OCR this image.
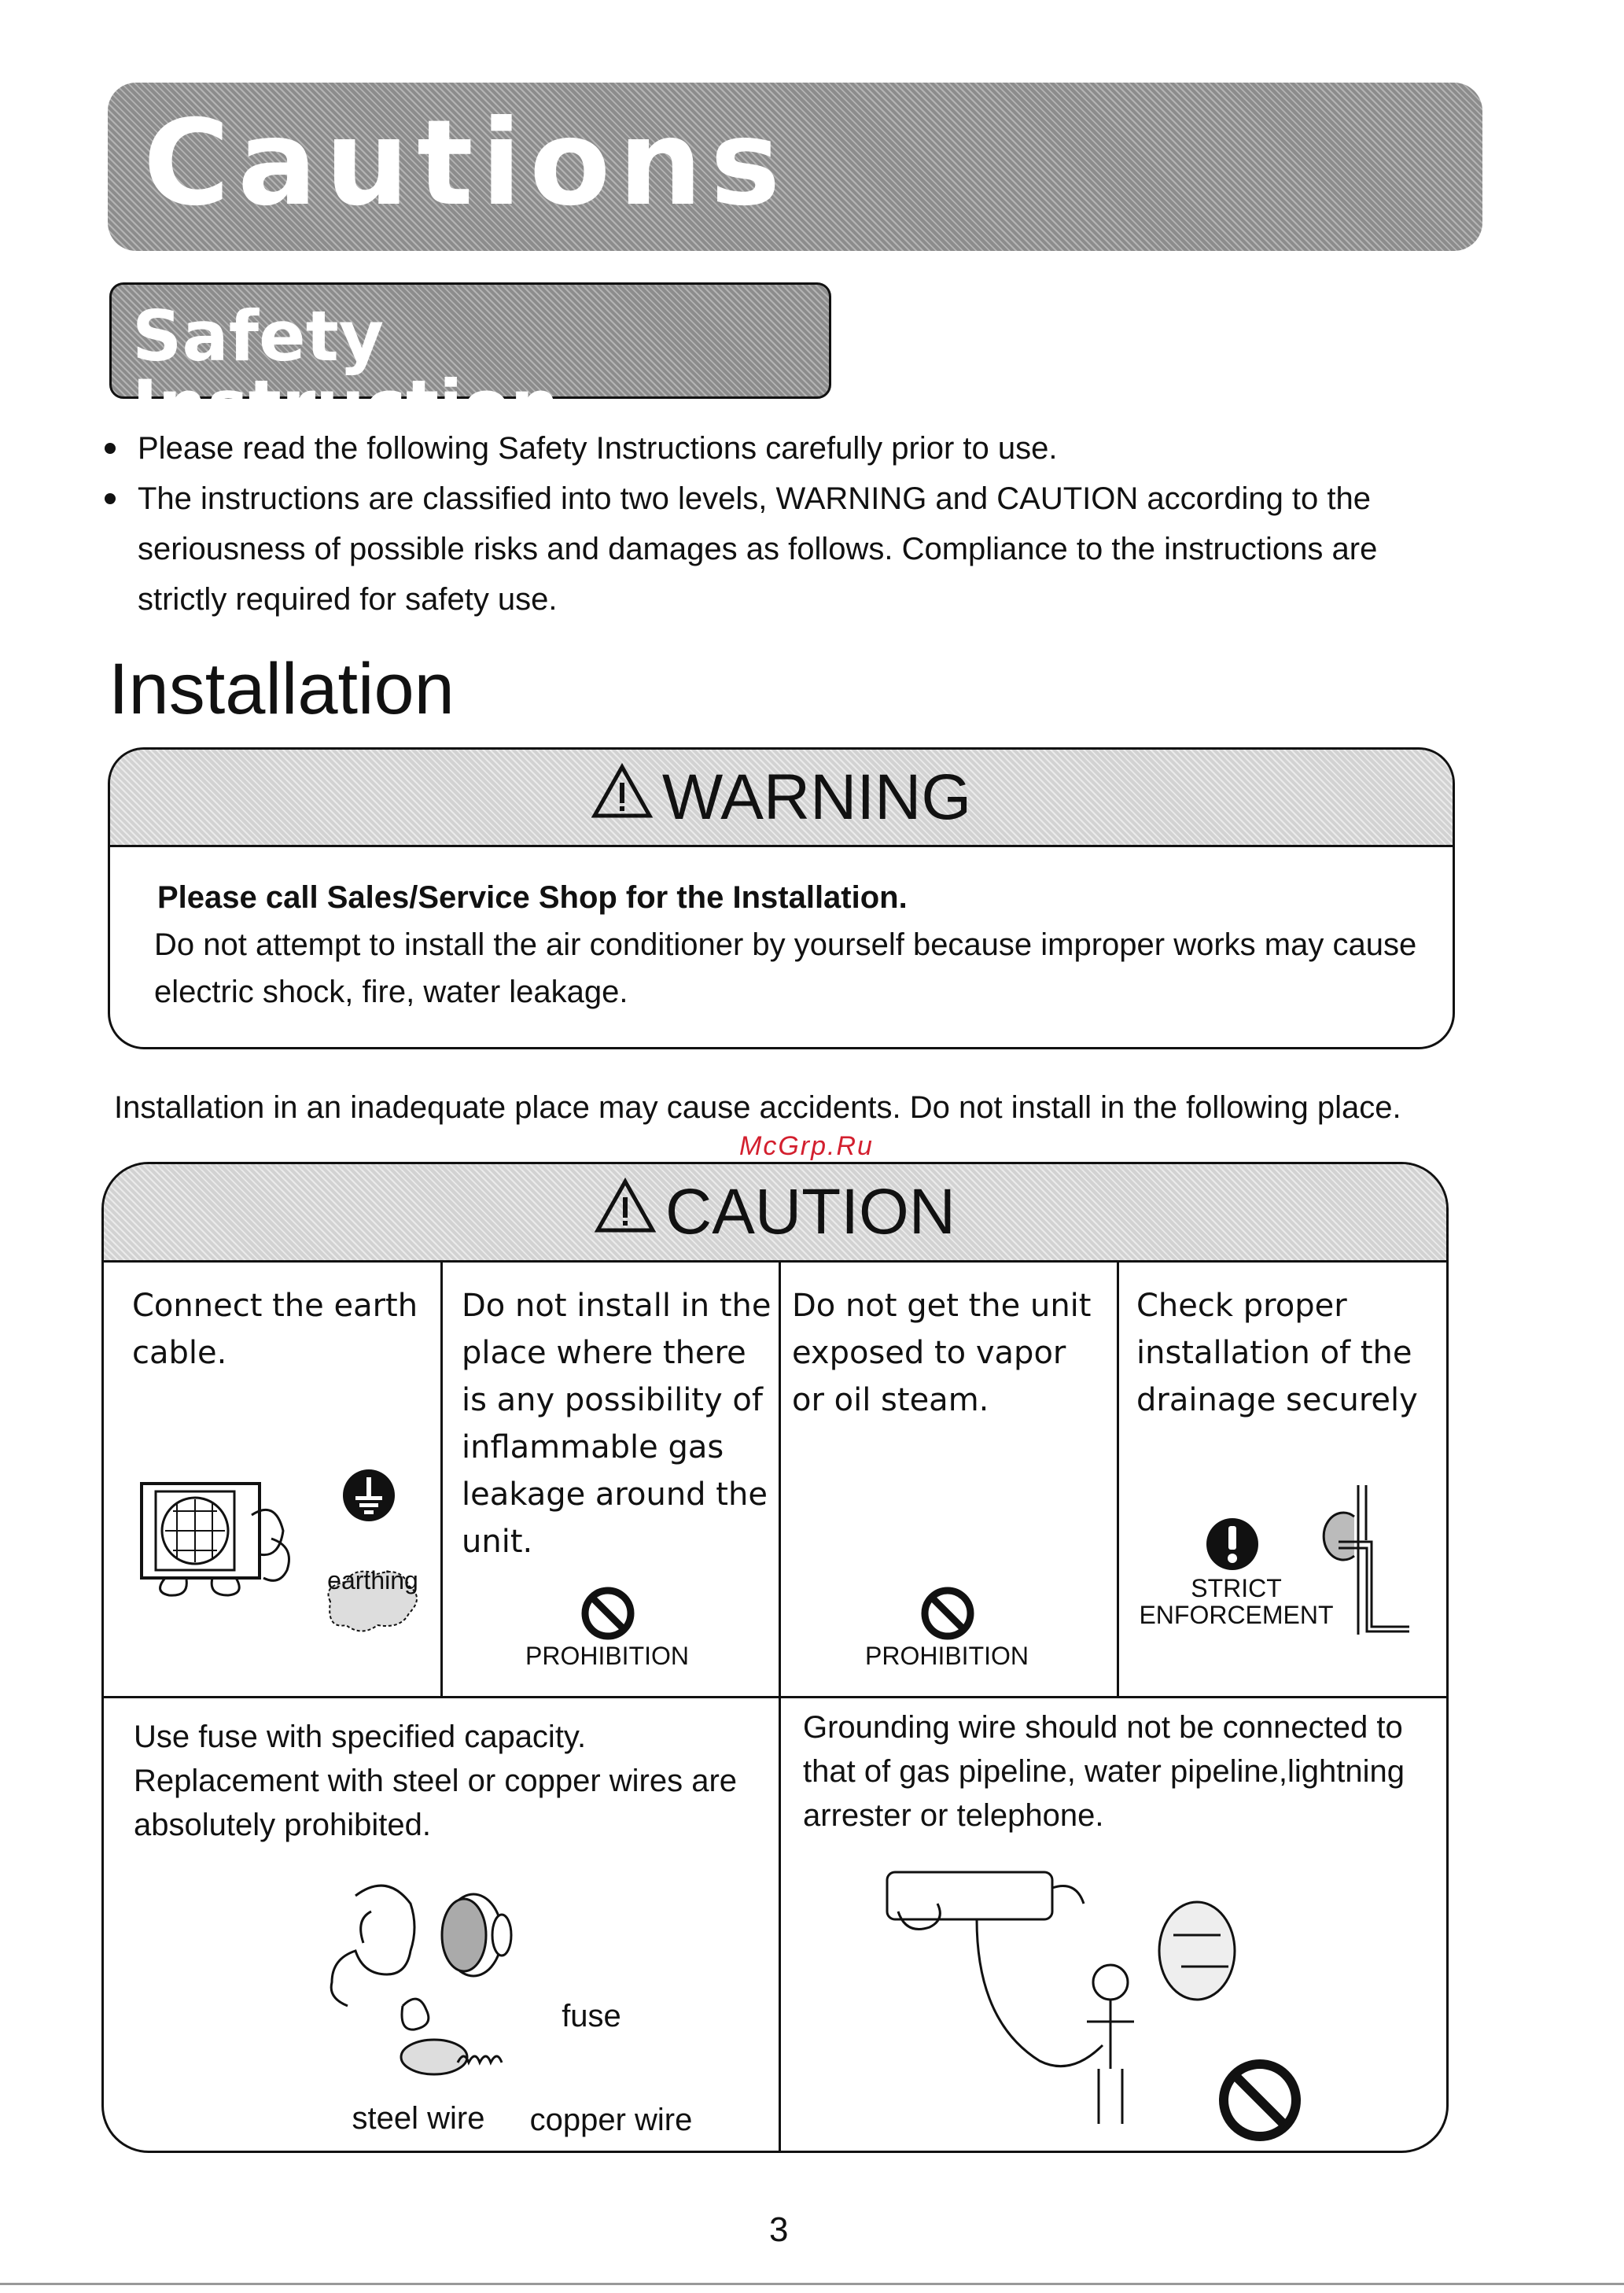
Cautions
Safety Instruction
Please read the following Safety Instructions carefully prior to use.
The instructions are classified into two levels, WARNING and CAUTION according to the seriousness of possible risks and damages as follows. Compliance to the instructions are strictly required for safety use.
Installation
WARNING
Please call Sales/Service Shop for the Installation.
Do not attempt to install the air conditioner by yourself because improper works may cause electric shock, fire, water leakage.
Installation in an inadequate place may cause accidents. Do not install in the following place.
McGrp.Ru
CAUTION
Connect the earth cable.
earthing
Do not install in the place where there is any possibility of inflammable gas leakage around the unit.
PROHIBITION
Do not get the unit exposed to vapor or oil steam.
PROHIBITION
Check proper installation of the drainage securely
STRICT
ENFORCEMENT
Use fuse with specified capacity. Replacement with steel or copper wires are absolutely prohibited.
fuse
steel wire	copper wire
Grounding wire should not be connected to that of gas pipeline, water pipeline,lightning arrester or telephone.
3
